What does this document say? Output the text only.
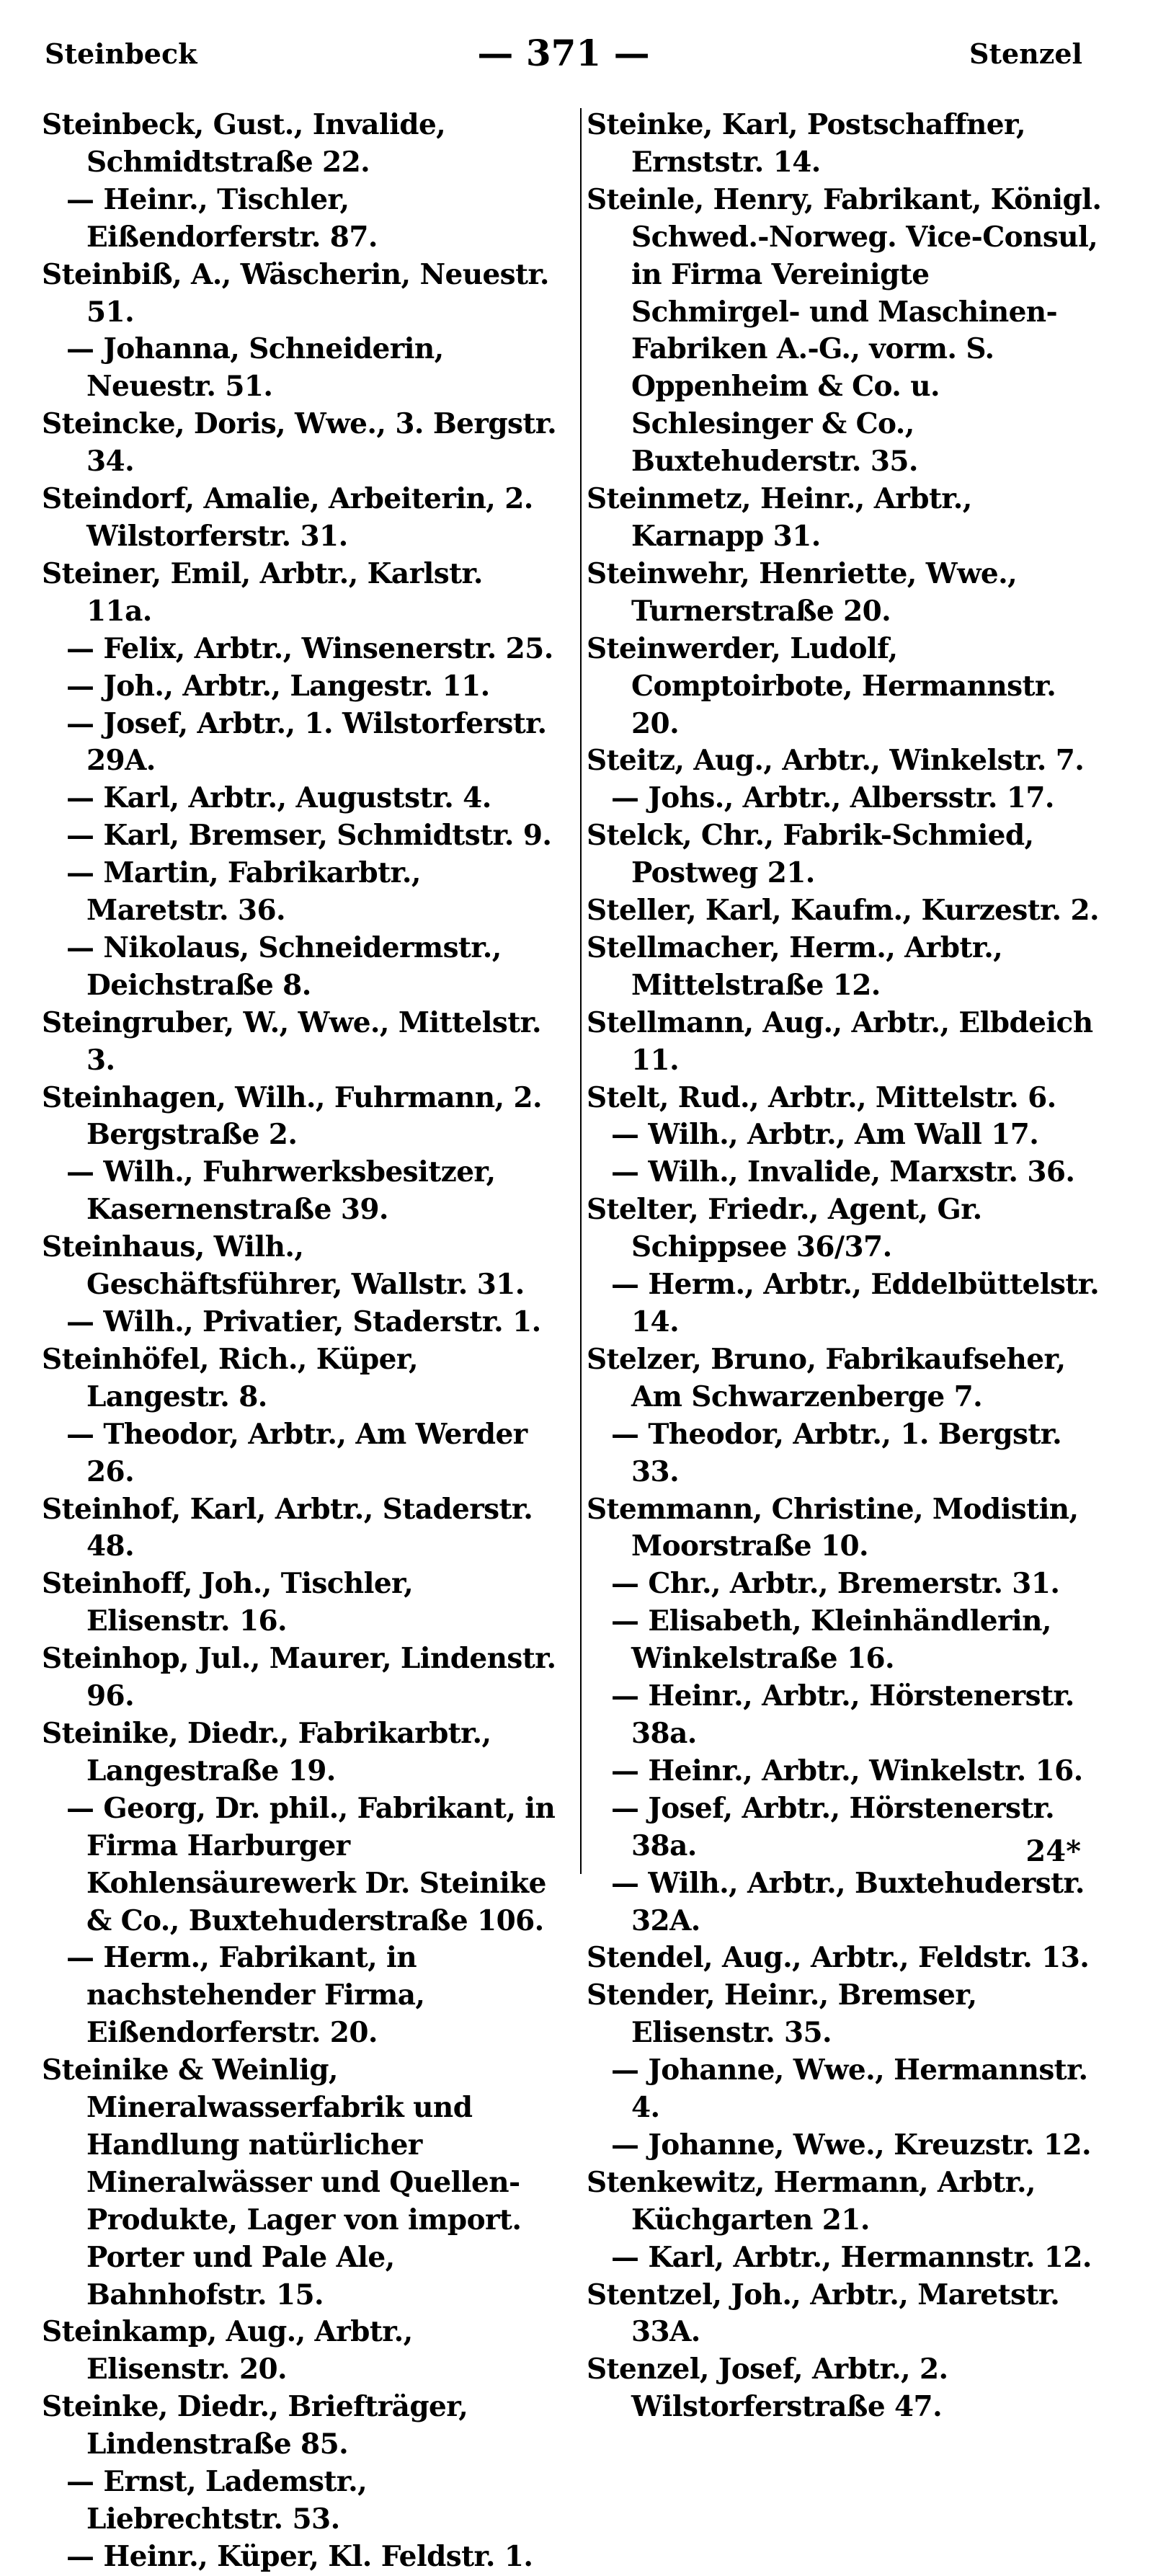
Steinbeck	— 371 —	Stenzel

Steinbeck, Gust., Invalide, Schmidtstraße 22.

— Heinr., Tischler, Eißendorferstr. 87.

Steinbiß, A., Wäscherin, Neuestr. 51.

— Johanna, Schneiderin, Neuestr. 51.

Steincke, Doris, Wwe., 3. Bergstr. 34.

Steindorf, Amalie, Arbeiterin, 2. Wilstorferstr. 31.

Steiner, Emil, Arbtr., Karlstr. 11a.

— Felix, Arbtr., Winsenerstr. 25.

— Joh., Arbtr., Langestr. 11.

— Josef, Arbtr., 1. Wilstorferstr. 29A.

— Karl, Arbtr., Auguststr. 4.

— Karl, Bremser, Schmidtstr. 9.

— Martin, Fabrikarbtr., Maretstr. 36.

— Nikolaus, Schneidermstr., Deichstraße 8.

Steingruber, W., Wwe., Mittelstr. 3.

Steinhagen, Wilh., Fuhrmann, 2. Bergstraße 2.

— Wilh., Fuhrwerksbesitzer, Kasernenstraße 39.

Steinhaus, Wilh., Geschäftsführer, Wallstr. 31.

— Wilh., Privatier, Staderstr. 1.

Steinhöfel, Rich., Küper, Langestr. 8.

— Theodor, Arbtr., Am Werder 26.

Steinhof, Karl, Arbtr., Staderstr. 48.

Steinhoff, Joh., Tischler, Elisenstr. 16.

Steinhop, Jul., Maurer, Lindenstr. 96.

Steinike, Diedr., Fabrikarbtr., Langestraße 19.

— Georg, Dr. phil., Fabrikant, in Firma Harburger Kohlensäurewerk Dr. Steinike & Co., Buxtehuderstraße 106.

— Herm., Fabrikant, in nachstehender Firma, Eißendorferstr. 20.

Steinike & Weinlig, Mineralwasserfabrik und Handlung natürlicher Mineralwässer und Quellen-Produkte, Lager von import. Porter und Pale Ale, Bahnhofstr. 15.

Steinkamp, Aug., Arbtr., Elisenstr. 20.

Steinke, Diedr., Briefträger, Lindenstraße 85.

— Ernst, Lademstr., Liebrechtstr. 53.

— Heinr., Küper, Kl. Feldstr. 1.

Steinke, Karl, Postschaffner, Ernststr. 14.

Steinle, Henry, Fabrikant, Königl. Schwed.-Norweg. Vice-Consul, in Firma Vereinigte Schmirgel- und Maschinen-Fabriken A.-G., vorm. S. Oppenheim & Co. u. Schlesinger & Co., Buxtehuderstr. 35.

Steinmetz, Heinr., Arbtr., Karnapp 31.

Steinwehr, Henriette, Wwe., Turnerstraße 20.

Steinwerder, Ludolf, Comptoirbote, Hermannstr. 20.

Steitz, Aug., Arbtr., Winkelstr. 7.

— Johs., Arbtr., Albersstr. 17.

Stelck, Chr., Fabrik-Schmied, Postweg 21.

Steller, Karl, Kaufm., Kurzestr. 2.

Stellmacher, Herm., Arbtr., Mittelstraße 12.

Stellmann, Aug., Arbtr., Elbdeich 11.

Stelt, Rud., Arbtr., Mittelstr. 6.

— Wilh., Arbtr., Am Wall 17.

— Wilh., Invalide, Marxstr. 36.

Stelter, Friedr., Agent, Gr. Schippsee 36/37.

— Herm., Arbtr., Eddelbüttelstr. 14.

Stelzer, Bruno, Fabrikaufseher, Am Schwarzenberge 7.

— Theodor, Arbtr., 1. Bergstr. 33.

Stemmann, Christine, Modistin, Moorstraße 10.

— Chr., Arbtr., Bremerstr. 31.

— Elisabeth, Kleinhändlerin, Winkelstraße 16.

— Heinr., Arbtr., Hörstenerstr. 38a.

— Heinr., Arbtr., Winkelstr. 16.

— Josef, Arbtr., Hörstenerstr. 38a.

— Wilh., Arbtr., Buxtehuderstr. 32A.

Stendel, Aug., Arbtr., Feldstr. 13.

Stender, Heinr., Bremser, Elisenstr. 35.

— Johanne, Wwe., Hermannstr. 4.

— Johanne, Wwe., Kreuzstr. 12.

Stenkewitz, Hermann, Arbtr., Küchgarten 21.

— Karl, Arbtr., Hermannstr. 12.

Stentzel, Joh., Arbtr., Maretstr. 33A.

Stenzel, Josef, Arbtr., 2. Wilstorferstraße 47.

24*
